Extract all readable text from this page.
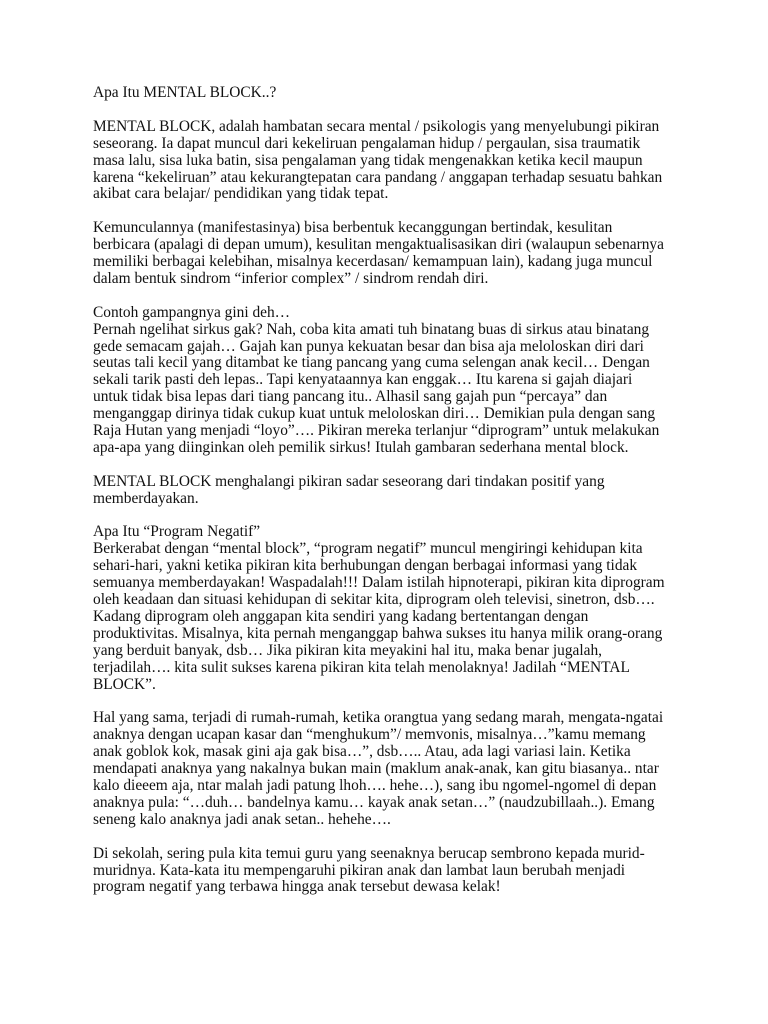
Apa Itu MENTAL BLOCK..?

MENTAL BLOCK, adalah hambatan secara mental / psikologis yang menyelubungi pikiran
seseorang. Ia dapat muncul dari kekeliruan pengalaman hidup / pergaulan, sisa traumatik
masa lalu, sisa luka batin, sisa pengalaman yang tidak mengenakkan ketika kecil maupun
karena “kekeliruan” atau kekurangtepatan cara pandang / anggapan terhadap sesuatu bahkan
akibat cara belajar/ pendidikan yang tidak tepat.

Kemunculannya (manifestasinya) bisa berbentuk kecanggungan bertindak, kesulitan
berbicara (apalagi di depan umum), kesulitan mengaktualisasikan diri (walaupun sebenarnya
memiliki berbagai kelebihan, misalnya kecerdasan/ kemampuan lain), kadang juga muncul
dalam bentuk sindrom “inferior complex” / sindrom rendah diri.

Contoh gampangnya gini deh…
Pernah ngelihat sirkus gak? Nah, coba kita amati tuh binatang buas di sirkus atau binatang
gede semacam gajah… Gajah kan punya kekuatan besar dan bisa aja meloloskan diri dari
seutas tali kecil yang ditambat ke tiang pancang yang cuma selengan anak kecil… Dengan
sekali tarik pasti deh lepas.. Tapi kenyataannya kan enggak… Itu karena si gajah diajari
untuk tidak bisa lepas dari tiang pancang itu.. Alhasil sang gajah pun “percaya” dan
menganggap dirinya tidak cukup kuat untuk meloloskan diri… Demikian pula dengan sang
Raja Hutan yang menjadi “loyo”…. Pikiran mereka terlanjur “diprogram” untuk melakukan
apa-apa yang diinginkan oleh pemilik sirkus! Itulah gambaran sederhana mental block.

MENTAL BLOCK menghalangi pikiran sadar seseorang dari tindakan positif yang
memberdayakan.

Apa Itu “Program Negatif”
Berkerabat dengan “mental block”, “program negatif” muncul mengiringi kehidupan kita
sehari-hari, yakni ketika pikiran kita berhubungan dengan berbagai informasi yang tidak
semuanya memberdayakan! Waspadalah!!! Dalam istilah hipnoterapi, pikiran kita diprogram
oleh keadaan dan situasi kehidupan di sekitar kita, diprogram oleh televisi, sinetron, dsb….
Kadang diprogram oleh anggapan kita sendiri yang kadang bertentangan dengan
produktivitas. Misalnya, kita pernah menganggap bahwa sukses itu hanya milik orang-orang
yang berduit banyak, dsb… Jika pikiran kita meyakini hal itu, maka benar jugalah,
terjadilah…. kita sulit sukses karena pikiran kita telah menolaknya! Jadilah “MENTAL
BLOCK”.

Hal yang sama, terjadi di rumah-rumah, ketika orangtua yang sedang marah, mengata-ngatai
anaknya dengan ucapan kasar dan “menghukum”/ memvonis, misalnya…”kamu memang
anak goblok kok, masak gini aja gak bisa…”, dsb….. Atau, ada lagi variasi lain. Ketika
mendapati anaknya yang nakalnya bukan main (maklum anak-anak, kan gitu biasanya.. ntar
kalo dieeem aja, ntar malah jadi patung lhoh…. hehe…), sang ibu ngomel-ngomel di depan
anaknya pula: “…duh… bandelnya kamu… kayak anak setan…” (naudzubillaah..). Emang
seneng kalo anaknya jadi anak setan.. hehehe….

Di sekolah, sering pula kita temui guru yang seenaknya berucap sembrono kepada murid-
muridnya. Kata-kata itu mempengaruhi pikiran anak dan lambat laun berubah menjadi
program negatif yang terbawa hingga anak tersebut dewasa kelak!
